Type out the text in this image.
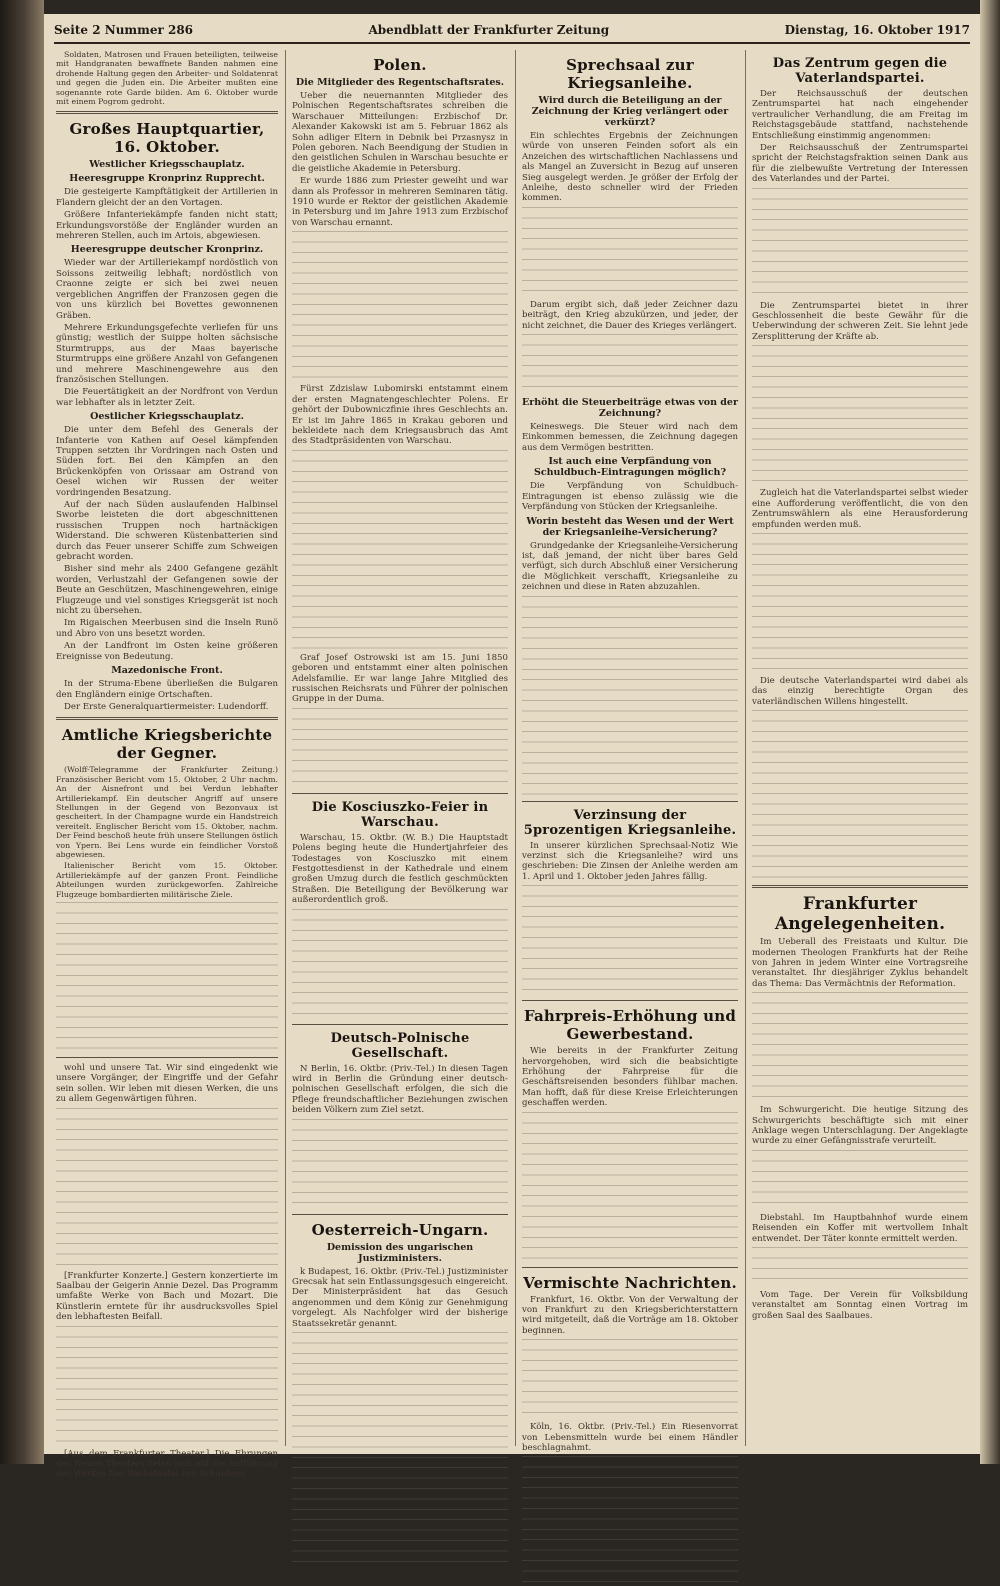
Seite 2 Nummer 286	Abendblatt der Frankfurter Zeitung	Dienstag, 16. Oktober 1917

Soldaten, Matrosen und Frauen beteiligten, teilweise mit Handgranaten bewaffnete Banden nahmen eine drohende Haltung gegen den Arbeiter- und Soldatenrat und gegen die Juden ein. Die Arbeiter mußten eine sogenannte rote Garde bilden. Am 6. Oktober wurde mit einem Pogrom gedroht.

Großes Hauptquartier, 16. Oktober.
Westlicher Kriegsschauplatz.
Heeresgruppe Kronprinz Rupprecht.

Die gesteigerte Kampftätigkeit der Artillerien in Flandern gleicht der an den Vortagen.

Größere Infanteriekämpfe fanden nicht statt; Erkundungsvorstöße der Engländer wurden an mehreren Stellen, auch im Artois, abgewiesen.

Heeresgruppe deutscher Kronprinz.

Wieder war der Artilleriekampf nordöstlich von Soissons zeitweilig lebhaft; nordöstlich von Craonne zeigte er sich bei zwei neuen vergeblichen Angriffen der Franzosen gegen die von uns kürzlich bei Bovettes gewonnenen Gräben.

Mehrere Erkundungsgefechte verliefen für uns günstig; westlich der Suippe holten sächsische Sturmtrupps, aus der Maas bayerische Sturmtrupps eine größere Anzahl von Gefangenen und mehrere Maschinengewehre aus den französischen Stellungen.

Die Feuertätigkeit an der Nordfront von Verdun war lebhafter als in letzter Zeit.

Oestlicher Kriegsschauplatz.

Die unter dem Befehl des Generals der Infanterie von Kathen auf Oesel kämpfenden Truppen setzten ihr Vordringen nach Osten und Süden fort. Bei den Kämpfen an den Brückenköpfen von Orissaar am Ostrand von Oesel wichen wir Russen der weiter vordringenden Besatzung.

Auf der nach Süden auslaufenden Halbinsel Sworbe leisteten die dort abgeschnittenen russischen Truppen noch hartnäckigen Widerstand. Die schweren Küstenbatterien sind durch das Feuer unserer Schiffe zum Schweigen gebracht worden.

Bisher sind mehr als 2400 Gefangene gezählt worden, Verlustzahl der Gefangenen sowie der Beute an Geschützen, Maschinengewehren, einige Flugzeuge und viel sonstiges Kriegsgerät ist noch nicht zu übersehen.

Im Rigaischen Meerbusen sind die Inseln Runö und Abro von uns besetzt worden.

An der Landfront im Osten keine größeren Ereignisse von Bedeutung.

Mazedonische Front.

In der Struma-Ebene überließen die Bulgaren den Engländern einige Ortschaften.

Der Erste Generalquartiermeister: Ludendorff.

Amtliche Kriegsberichte der Gegner.

(Wolff-Telegramme der Frankfurter Zeitung.) Französischer Bericht vom 15. Oktober, 2 Uhr nachm. An der Aisnefront und bei Verdun lebhafter Artilleriekampf. Ein deutscher Angriff auf unsere Stellungen in der Gegend von Bezonvaux ist gescheitert. In der Champagne wurde ein Handstreich vereitelt. Englischer Bericht vom 15. Oktober, nachm. Der Feind beschoß heute früh unsere Stellungen östlich von Ypern. Bei Lens wurde ein feindlicher Vorstoß abgewiesen.

Italienischer Bericht vom 15. Oktober. Artilleriekämpfe auf der ganzen Front. Feindliche Abteilungen wurden zurückgeworfen. Zahlreiche Flugzeuge bombardierten militärische Ziele.

wohl und unsere Tat. Wir sind eingedenkt wie unsere Vorgänger, der Eingriffe und der Gefahr sein sollen. Wir leben mit diesen Werken, die uns zu allem Gegenwärtigen führen.

[Frankfurter Konzerte.] Gestern konzertierte im Saalbau der Geigerin Annie Dezel. Das Programm umfaßte Werke von Bach und Mozart. Die Künstlerin erntete für ihr ausdrucksvolles Spiel den lebhaftesten Beifall.

[Aus dem Frankfurter Theater.] Die Ehrungen des Neuen Theaters fielen sich auf die Aufführung des Werkes Der Weibsteufel von Schönherr.

Polen.
Die Mitglieder des Regentschaftsrates.

Ueber die neuernannten Mitglieder des Polnischen Regentschaftsrates schreiben die Warschauer Mitteilungen: Erzbischof Dr. Alexander Kakowski ist am 5. Februar 1862 als Sohn adliger Eltern in Debnik bei Przasnysz in Polen geboren. Nach Beendigung der Studien in den geistlichen Schulen in Warschau besuchte er die geistliche Akademie in Petersburg.

Er wurde 1886 zum Priester geweiht und war dann als Professor in mehreren Seminaren tätig. 1910 wurde er Rektor der geistlichen Akademie in Petersburg und im Jahre 1913 zum Erzbischof von Warschau ernannt.

Fürst Zdzislaw Lubomirski entstammt einem der ersten Magnatengeschlechter Polens. Er gehört der Dubowniczfinie ihres Geschlechts an. Er ist im Jahre 1865 in Krakau geboren und bekleidete nach dem Kriegsausbruch das Amt des Stadtpräsidenten von Warschau.

Graf Josef Ostrowski ist am 15. Juni 1850 geboren und entstammt einer alten polnischen Adelsfamilie. Er war lange Jahre Mitglied des russischen Reichsrats und Führer der polnischen Gruppe in der Duma.

Die Kosciuszko-Feier in Warschau.

Warschau, 15. Oktbr. (W. B.) Die Hauptstadt Polens beging heute die Hundertjahrfeier des Todestages von Kosciuszko mit einem Festgottesdienst in der Kathedrale und einem großen Umzug durch die festlich geschmückten Straßen. Die Beteiligung der Bevölkerung war außerordentlich groß.

Deutsch-Polnische Gesellschaft.

N Berlin, 16. Oktbr. (Priv.-Tel.) In diesen Tagen wird in Berlin die Gründung einer deutsch-polnischen Gesellschaft erfolgen, die sich die Pflege freundschaftlicher Beziehungen zwischen beiden Völkern zum Ziel setzt.

Oesterreich-Ungarn.
Demission des ungarischen Justizministers.

k Budapest, 16. Oktbr. (Priv.-Tel.) Justizminister Grecsak hat sein Entlassungsgesuch eingereicht. Der Ministerpräsident hat das Gesuch angenommen und dem König zur Genehmigung vorgelegt. Als Nachfolger wird der bisherige Staatssekretär genannt.

Sprechsaal zur Kriegsanleihe.
Wird durch die Beteiligung an der Zeichnung der Krieg verlängert oder verkürzt?

Ein schlechtes Ergebnis der Zeichnungen würde von unseren Feinden sofort als ein Anzeichen des wirtschaftlichen Nachlassens und als Mangel an Zuversicht in Bezug auf unseren Sieg ausgelegt werden. Je größer der Erfolg der Anleihe, desto schneller wird der Frieden kommen.

Darum ergibt sich, daß jeder Zeichner dazu beiträgt, den Krieg abzukürzen, und jeder, der nicht zeichnet, die Dauer des Krieges verlängert.

Erhöht die Steuerbeiträge etwas von der Zeichnung?

Keineswegs. Die Steuer wird nach dem Einkommen bemessen, die Zeichnung dagegen aus dem Vermögen bestritten.

Ist auch eine Verpfändung von Schuldbuch-Eintragungen möglich?

Die Verpfändung von Schuldbuch-Eintragungen ist ebenso zulässig wie die Verpfändung von Stücken der Kriegsanleihe.

Worin besteht das Wesen und der Wert der Kriegsanleihe-Versicherung?

Grundgedanke der Kriegsanleihe-Versicherung ist, daß jemand, der nicht über bares Geld verfügt, sich durch Abschluß einer Versicherung die Möglichkeit verschafft, Kriegsanleihe zu zeichnen und diese in Raten abzuzahlen.

Verzinsung der 5prozentigen Kriegsanleihe.

In unserer kürzlichen Sprechsaal-Notiz Wie verzinst sich die Kriegsanleihe? wird uns geschrieben: Die Zinsen der Anleihe werden am 1. April und 1. Oktober jeden Jahres fällig.

Fahrpreis-Erhöhung und Gewerbestand.

Wie bereits in der Frankfurter Zeitung hervorgehoben, wird sich die beabsichtigte Erhöhung der Fahrpreise für die Geschäftsreisenden besonders fühlbar machen. Man hofft, daß für diese Kreise Erleichterungen geschaffen werden.

Vermischte Nachrichten.

Frankfurt, 16. Oktbr. Von der Verwaltung der von Frankfurt zu den Kriegsberichterstattern wird mitgeteilt, daß die Vorträge am 18. Oktober beginnen.

Köln, 16. Oktbr. (Priv.-Tel.) Ein Riesenvorrat von Lebensmitteln wurde bei einem Händler beschlagnahmt.

Das Zentrum gegen die Vaterlandspartei.

Der Reichsausschuß der deutschen Zentrumspartei hat nach eingehender vertraulicher Verhandlung, die am Freitag im Reichstagsgebäude stattfand, nachstehende Entschließung einstimmig angenommen:

Der Reichsausschuß der Zentrumspartei spricht der Reichstagsfraktion seinen Dank aus für die zielbewußte Vertretung der Interessen des Vaterlandes und der Partei.

Die Zentrumspartei bietet in ihrer Geschlossenheit die beste Gewähr für die Ueberwindung der schweren Zeit. Sie lehnt jede Zersplitterung der Kräfte ab.

Zugleich hat die Vaterlandspartei selbst wieder eine Aufforderung veröffentlicht, die von den Zentrumswählern als eine Herausforderung empfunden werden muß.

Die deutsche Vaterlandspartei wird dabei als das einzig berechtigte Organ des vaterländischen Willens hingestellt.

Frankfurter Angelegenheiten.

Im Ueberall des Freistaats und Kultur. Die modernen Theologen Frankfurts hat der Reihe von Jahren in jedem Winter eine Vortragsreihe veranstaltet. Ihr diesjähriger Zyklus behandelt das Thema: Das Vermächtnis der Reformation.

Im Schwurgericht. Die heutige Sitzung des Schwurgerichts beschäftigte sich mit einer Anklage wegen Unterschlagung. Der Angeklagte wurde zu einer Gefängnisstrafe verurteilt.

Diebstahl. Im Hauptbahnhof wurde einem Reisenden ein Koffer mit wertvollem Inhalt entwendet. Der Täter konnte ermittelt werden.

Vom Tage. Der Verein für Volksbildung veranstaltet am Sonntag einen Vortrag im großen Saal des Saalbaues.
